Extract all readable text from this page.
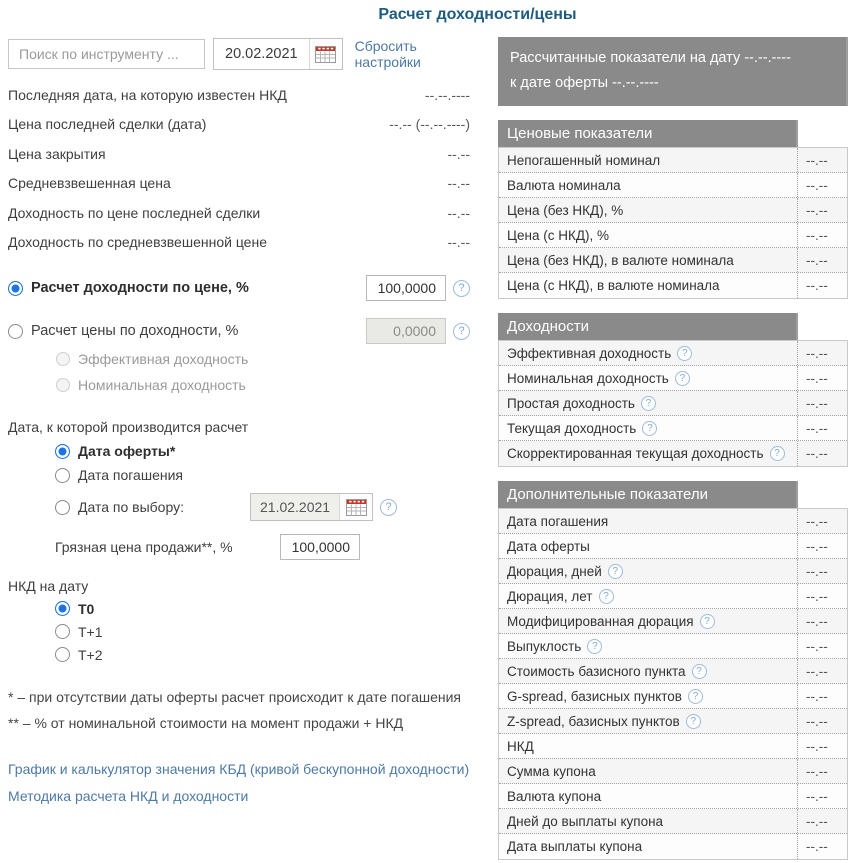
Расчет доходности/цены
Поиск по инструменту ...
20.02.2021	Сбросить настройки
Последняя дата, на которую известен НКД	--.--.----
Цена последней сделки (дата)	--.-- (--.--.----)
Цена закрытия	--.--
Средневзвешенная цена	--.--
Доходность по цене последней сделки	--.--
Доходность по средневзвешенной цене	--.--
Расчет доходности по цене, %
100,0000	?
Расчет цены по доходности, %
0,0000	?
Эффективная доходность
Номинальная доходность
Дата, к которой производится расчет
Дата оферты*
Дата погашения
Дата по выбору:	21.02.2021	?
Грязная цена продажи**, %
100,0000
НКД на дату
T0
T+1
T+2
* – при отсутствии даты оферты расчет происходит к дате погашения
** – % от номинальной стоимости на момент продажи + НКД
График и калькулятор значения КБД (кривой бескупонной доходности)
Методика расчета НКД и доходности
Рассчитанные показатели на дату --.--.----
к дате оферты --.--.----
Ценовые показатели
Непогашенный номинал	--.--
Валюта номинала	--.--
Цена (без НКД), %	--.--
Цена (с НКД), %	--.--
Цена (без НКД), в валюте номинала	--.--
Цена (с НКД), в валюте номинала	--.--
Доходности
Эффективная доходность	?	--.--
Номинальная доходность	?	--.--
Простая доходность	?	--.--
Текущая доходность	?	--.--
Скорректированная текущая доходность	?	--.--
Дополнительные показатели
Дата погашения	--.--
Дата оферты	--.--
Дюрация, дней	?	--.--
Дюрация, лет	?	--.--
Модифицированная дюрация	?	--.--
Выпуклость	?	--.--
Стоимость базисного пункта	?	--.--
G-spread, базисных пунктов	?	--.--
Z-spread, базисных пунктов	?	--.--
НКД	--.--
Сумма купона	--.--
Валюта купона	--.--
Дней до выплаты купона	--.--
Дата выплаты купона	--.--
